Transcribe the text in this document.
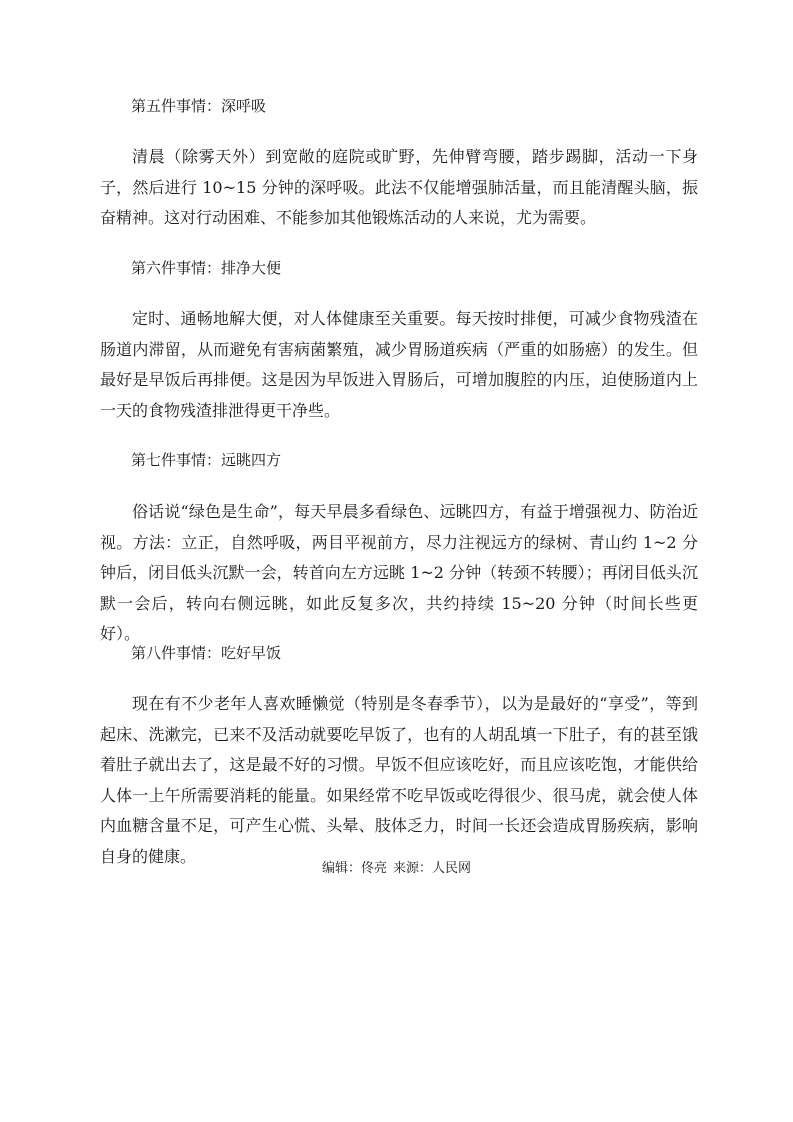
第五件事情：深呼吸
清晨（除雾天外）到宽敞的庭院或旷野，先伸臂弯腰，踏步踢脚，活动一下身子，然后进行 10~15 分钟的深呼吸。此法不仅能增强肺活量，而且能清醒头脑，振奋精神。这对行动困难、不能参加其他锻炼活动的人来说，尤为需要。
第六件事情：排净大便
定时、通畅地解大便，对人体健康至关重要。每天按时排便，可减少食物残渣在肠道内滞留，从而避免有害病菌繁殖，减少胃肠道疾病（严重的如肠癌）的发生。但最好是早饭后再排便。这是因为早饭进入胃肠后，可增加腹腔的内压，迫使肠道内上一天的食物残渣排泄得更干净些。
第七件事情：远眺四方
俗话说“绿色是生命”，每天早晨多看绿色、远眺四方，有益于增强视力、防治近视。方法：立正，自然呼吸，两目平视前方，尽力注视远方的绿树、青山约 1~2 分钟后，闭目低头沉默一会，转首向左方远眺 1~2 分钟（转颈不转腰）；再闭目低头沉默一会后，转向右侧远眺，如此反复多次，共约持续 15~20 分钟（时间长些更好）。
第八件事情：吃好早饭
现在有不少老年人喜欢睡懒觉（特别是冬春季节），以为是最好的“享受”，等到起床、洗漱完，已来不及活动就要吃早饭了，也有的人胡乱填一下肚子，有的甚至饿着肚子就出去了，这是最不好的习惯。早饭不但应该吃好，而且应该吃饱，才能供给人体一上午所需要消耗的能量。如果经常不吃早饭或吃得很少、很马虎，就会使人体内血糖含量不足，可产生心慌、头晕、肢体乏力，时间一长还会造成胃肠疾病，影响自身的健康。
编辑：佟亮 来源：人民网
